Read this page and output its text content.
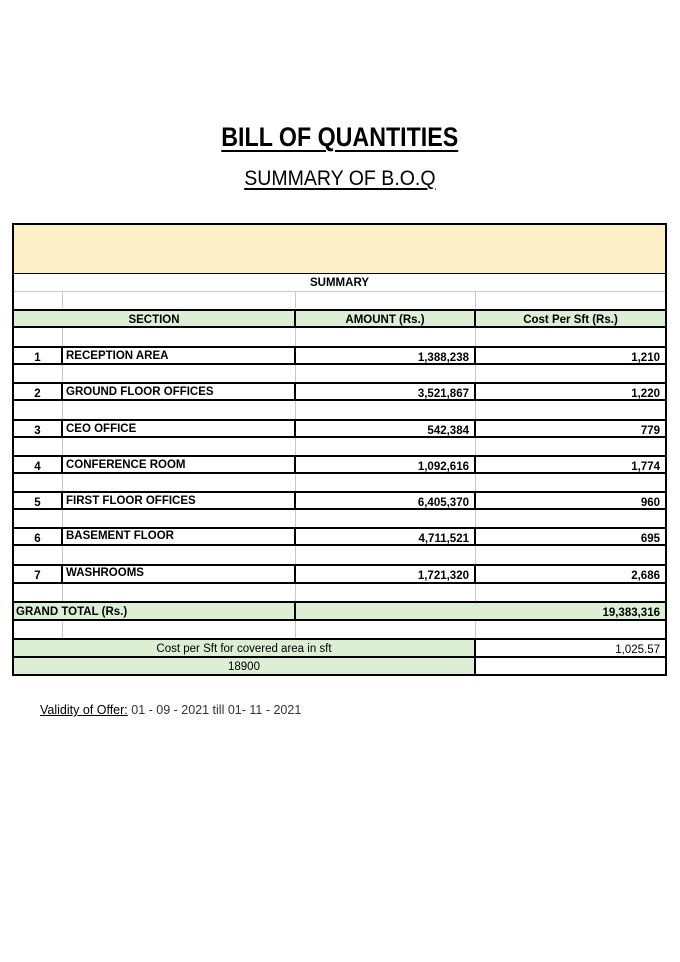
BILL OF QUANTITIES
SUMMARY OF B.O.Q
SUMMARY
SECTION	AMOUNT (Rs.)	Cost Per Sft (Rs.)
1	RECEPTION AREA	1,388,238	1,210
2	GROUND FLOOR OFFICES	3,521,867	1,220
3	CEO OFFICE	542,384	779
4	CONFERENCE ROOM	1,092,616	1,774
5	FIRST FLOOR OFFICES	6,405,370	960
6	BASEMENT FLOOR	4,711,521	695
7	WASHROOMS	1,721,320	2,686
GRAND TOTAL (Rs.)	19,383,316
Cost per Sft for covered area in sft	1,025.57
18900
Validity of Offer: 01 - 09 - 2021 till 01- 11 - 2021
